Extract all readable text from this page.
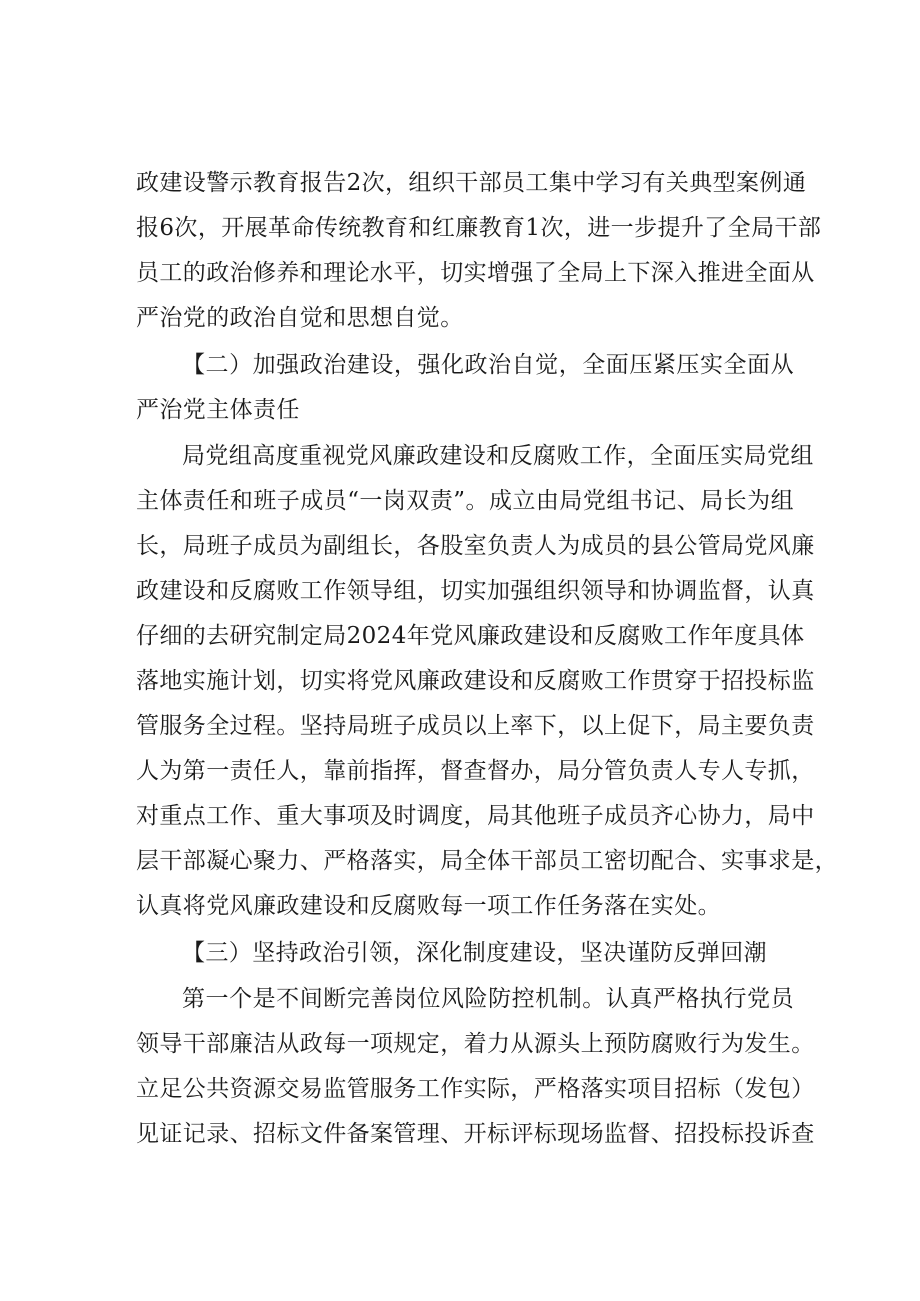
政建设警示教育报告2次，组织干部员工集中学习有关典型案例通
报6次，开展革命传统教育和红廉教育1次，进一步提升了全局干部
员工的政治修养和理论水平，切实增强了全局上下深入推进全面从
严治党的政治自觉和思想自觉。
【二）加强政治建设，强化政治自觉，全面压紧压实全面从
严治党主体责任
局党组高度重视党风廉政建设和反腐败工作，全面压实局党组
主体责任和班子成员“一岗双责”。成立由局党组书记、局长为组
长，局班子成员为副组长，各股室负责人为成员的县公管局党风廉
政建设和反腐败工作领导组，切实加强组织领导和协调监督，认真
仔细的去研究制定局2024年党风廉政建设和反腐败工作年度具体
落地实施计划，切实将党风廉政建设和反腐败工作贯穿于招投标监
管服务全过程。坚持局班子成员以上率下，以上促下，局主要负责
人为第一责任人，靠前指挥，督查督办，局分管负责人专人专抓，
对重点工作、重大事项及时调度，局其他班子成员齐心协力，局中
层干部凝心聚力、严格落实，局全体干部员工密切配合、实事求是，
认真将党风廉政建设和反腐败每一项工作任务落在实处。
【三）坚持政治引领，深化制度建设，坚决谨防反弹回潮
第一个是不间断完善岗位风险防控机制。认真严格执行党员
领导干部廉洁从政每一项规定，着力从源头上预防腐败行为发生。
立足公共资源交易监管服务工作实际，严格落实项目招标（发包）
见证记录、招标文件备案管理、开标评标现场监督、招投标投诉查
